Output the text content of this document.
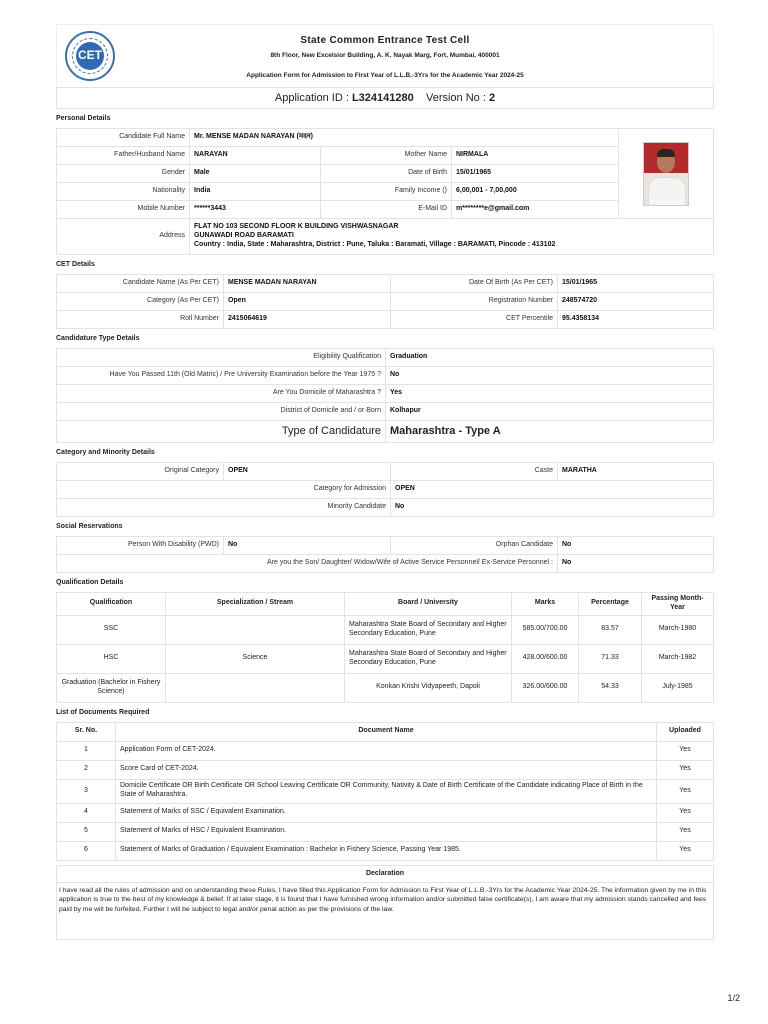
CET
State Common Entrance Test Cell
8th Floor, New Excelsior Building, A. K. Nayak Marg, Fort, Mumbai, 400001
Application Form for Admission to First Year of L.L.B.-3Yrs for the Academic Year 2024-25
Application ID : L324141280 Version No : 2
Personal Details
Candidate Full Name	Mr. MENSE MADAN NARAYAN (मदन)			

Father/Husband Name	NARAYAN	Mother Name	NIRMALA	
Gender	Male	Date of Birth	15/01/1965	
Nationality	India	Family Income ()	6,00,001 - 7,00,000	
Mobile Number	******3443	E-Mail ID	m********e@gmail.com	
Address	FLAT NO 103 SECOND FLOOR K BUILDING VISHWASNAGAR
GUNAWADI ROAD BARAMATI
Country : India, State : Maharashtra, District : Pune, Taluka : Baramati, Village : BARAMATI, Pincode : 413102			
CET Details
Candidate Name (As Per CET)	MENSE MADAN NARAYAN	Date Of Birth (As Per CET)	15/01/1965
Category (As Per CET)	Open	Registration Number	248574720
Roll Number	2415064619	CET Percentile	95.4358134
Candidature Type Details
Eligibility Qualification	Graduation
Have You Passed 11th (Old Matric) / Pre University Examination before the Year 1975 ?	No
Are You Domicile of Maharashtra ?	Yes
District of Domicile and / or Born	Kolhapur
Type of Candidature	Maharashtra - Type A
Category and Minority Details
Original Category	OPEN	Caste	MARATHA
Category for Admission		OPEN	
Minority Candidate		No	
Social Reservations
Person With Disability (PWD)	No	Orphan Candidate	No
Are you the Son/ Daughter/ Widow/Wife of Active Service Personnel/ Ex-Service Personnel :			No
Qualification Details
Qualification	Specialization / Stream	Board / University	Marks	Percentage	Passing Month-Year
SSC		Maharashtra State Board of Secondary and Higher Secondary Education, Pune	585.00/700.00	83.57	March-1980
HSC	Science	Maharashtra State Board of Secondary and Higher Secondary Education, Pune	428.00/600.00	71.33	March-1982
Graduation (Bachelor in Fishery Science)		Konkan Krishi Vidyapeeth, Dapoli	326.00/600.00	54.33	July-1985
List of Documents Required
Sr. No.	Document Name	Uploaded
1	Application Form of CET-2024.	Yes
2	Score Card of CET-2024.	Yes
3	Domicile Certificate OR Birth Certificate OR School Leaving Certificate OR Community, Nativity & Date of Birth Certificate of the Candidate indicating Place of Birth in the State of Maharashtra.	Yes
4	Statement of Marks of SSC / Equivalent Examination.	Yes
5	Statement of Marks of HSC / Equivalent Examination.	Yes
6	Statement of Marks of Graduation / Equivalent Examination : Bachelor in Fishery Science, Passing Year 1985.	Yes
Declaration
I have read all the rules of admission and on understanding these Rules, I have filled this Application Form for Admission to First Year of L.L.B.-3Yrs for the Academic Year 2024-25. The information given by me in this application is true to the best of my knowledge & belief. If at later stage, it is found that I have furnished wrong information and/or submitted false certificate(s), I am aware that my admission stands cancelled and fees paid by me will be forfeited. Further I will be subject to legal and/or penal action as per the provisions of the law.
1/2
